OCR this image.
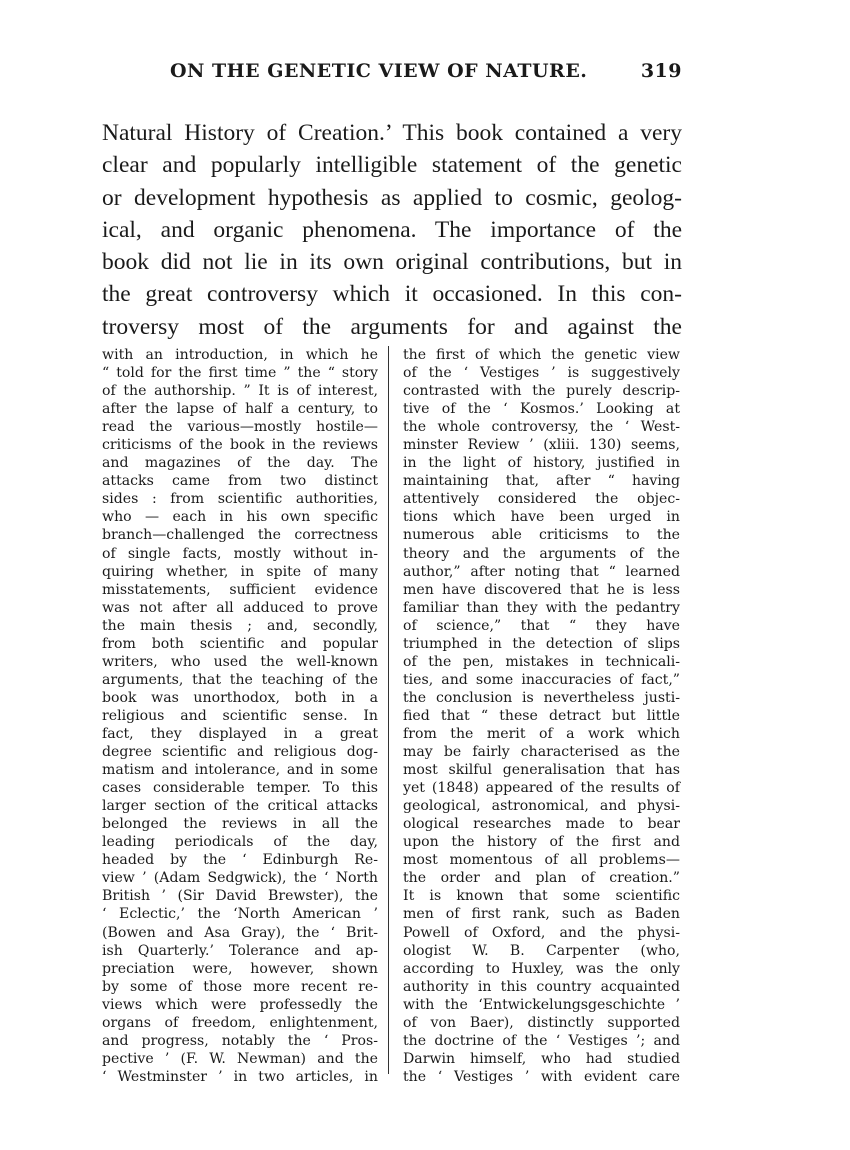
ON THE GENETIC VIEW OF NATURE.	319
Natural History of Creation.’ This book contained a very
clear and popularly intelligible statement of the genetic
or development hypothesis as applied to cosmic, geolog-
ical, and organic phenomena. The importance of the
book did not lie in its own original contributions, but in
the great controversy which it occasioned. In this con-
troversy most of the arguments for and against the
with an introduction, in which he
“ told for the first time ” the “ story
of the authorship. ” It is of interest,
after the lapse of half a century, to
read the various—mostly hostile—
criticisms of the book in the reviews
and magazines of the day. The
attacks came from two distinct
sides : from scientific authorities,
who — each in his own specific
branch—challenged the correctness
of single facts, mostly without in-
quiring whether, in spite of many
misstatements, sufficient evidence
was not after all adduced to prove
the main thesis ; and, secondly,
from both scientific and popular
writers, who used the well-known
arguments, that the teaching of the
book was unorthodox, both in a
religious and scientific sense. In
fact, they displayed in a great
degree scientific and religious dog-
matism and intolerance, and in some
cases considerable temper. To this
larger section of the critical attacks
belonged the reviews in all the
leading periodicals of the day,
headed by the ‘ Edinburgh Re-
view ’ (Adam Sedgwick), the ‘ North
British ’ (Sir David Brewster), the
‘ Eclectic,’ the ‘North American ’
(Bowen and Asa Gray), the ‘ Brit-
ish Quarterly.’ Tolerance and ap-
preciation were, however, shown
by some of those more recent re-
views which were professedly the
organs of freedom, enlightenment,
and progress, notably the ‘ Pros-
pective ’ (F. W. Newman) and the
‘ Westminster ’ in two articles, in
the first of which the genetic view
of the ‘ Vestiges ’ is suggestively
contrasted with the purely descrip-
tive of the ‘ Kosmos.’ Looking at
the whole controversy, the ‘ West-
minster Review ’ (xliii. 130) seems,
in the light of history, justified in
maintaining that, after “ having
attentively considered the objec-
tions which have been urged in
numerous able criticisms to the
theory and the arguments of the
author,” after noting that “ learned
men have discovered that he is less
familiar than they with the pedantry
of science,” that “ they have
triumphed in the detection of slips
of the pen, mistakes in technicali-
ties, and some inaccuracies of fact,”
the conclusion is nevertheless justi-
fied that “ these detract but little
from the merit of a work which
may be fairly characterised as the
most skilful generalisation that has
yet (1848) appeared of the results of
geological, astronomical, and physi-
ological researches made to bear
upon the history of the first and
most momentous of all problems—
the order and plan of creation.”
It is known that some scientific
men of first rank, such as Baden
Powell of Oxford, and the physi-
ologist W. B. Carpenter (who,
according to Huxley, was the only
authority in this country acquainted
with the ‘Entwickelungsgeschichte ’
of von Baer), distinctly supported
the doctrine of the ‘ Vestiges ’; and
Darwin himself, who had studied
the ‘ Vestiges ’ with evident care
